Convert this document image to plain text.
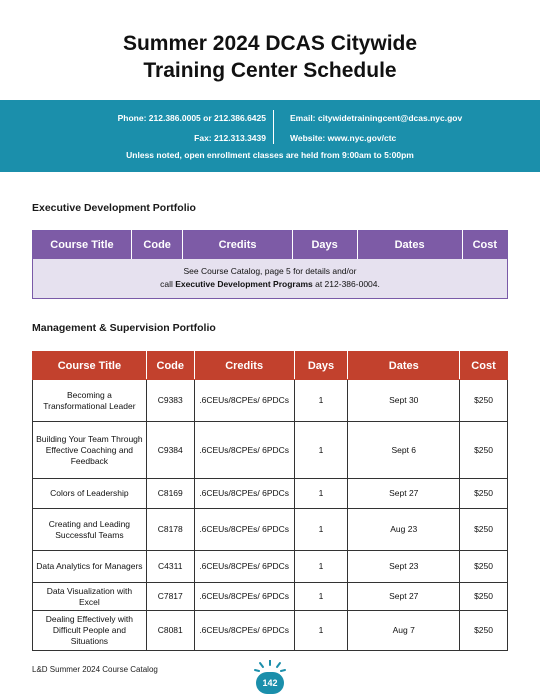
Summer 2024 DCAS Citywide
Training Center Schedule
Phone: 212.386.0005 or 212.386.6425
Fax: 212.313.3439
Email: citywidetrainingcent@dcas.nyc.gov
Website: www.nyc.gov/ctc
Unless noted, open enrollment classes are held from 9:00am to 5:00pm
Executive Development Portfolio
Course Title	Code	Credits	Days	Dates	Cost

See Course Catalog, page 5 for details and/or
call Executive Development Programs at 212-386-0004.
Management & Supervision Portfolio
Course Title	Code	Credits	Days	Dates	Cost
Becoming a Transformational Leader	C9383	.6CEUs/8CPEs/ 6PDCs	1	Sept 30	$250
Building Your Team Through Effective Coaching and Feedback	C9384	.6CEUs/8CPEs/ 6PDCs	1	Sept 6	$250
Colors of Leadership	C8169	.6CEUs/8CPEs/ 6PDCs	1	Sept 27	$250
Creating and Leading Successful Teams	C8178	.6CEUs/8CPEs/ 6PDCs	1	Aug 23	$250
Data Analytics for Managers	C4311	.6CEUs/8CPEs/ 6PDCs	1	Sept 23	$250
Data Visualization with Excel	C7817	.6CEUs/8CPEs/ 6PDCs	1	Sept 27	$250
Dealing Effectively with Difficult People and Situations	C8081	.6CEUs/8CPEs/ 6PDCs	1	Aug 7	$250
L&D Summer 2024 Course Catalog
142
